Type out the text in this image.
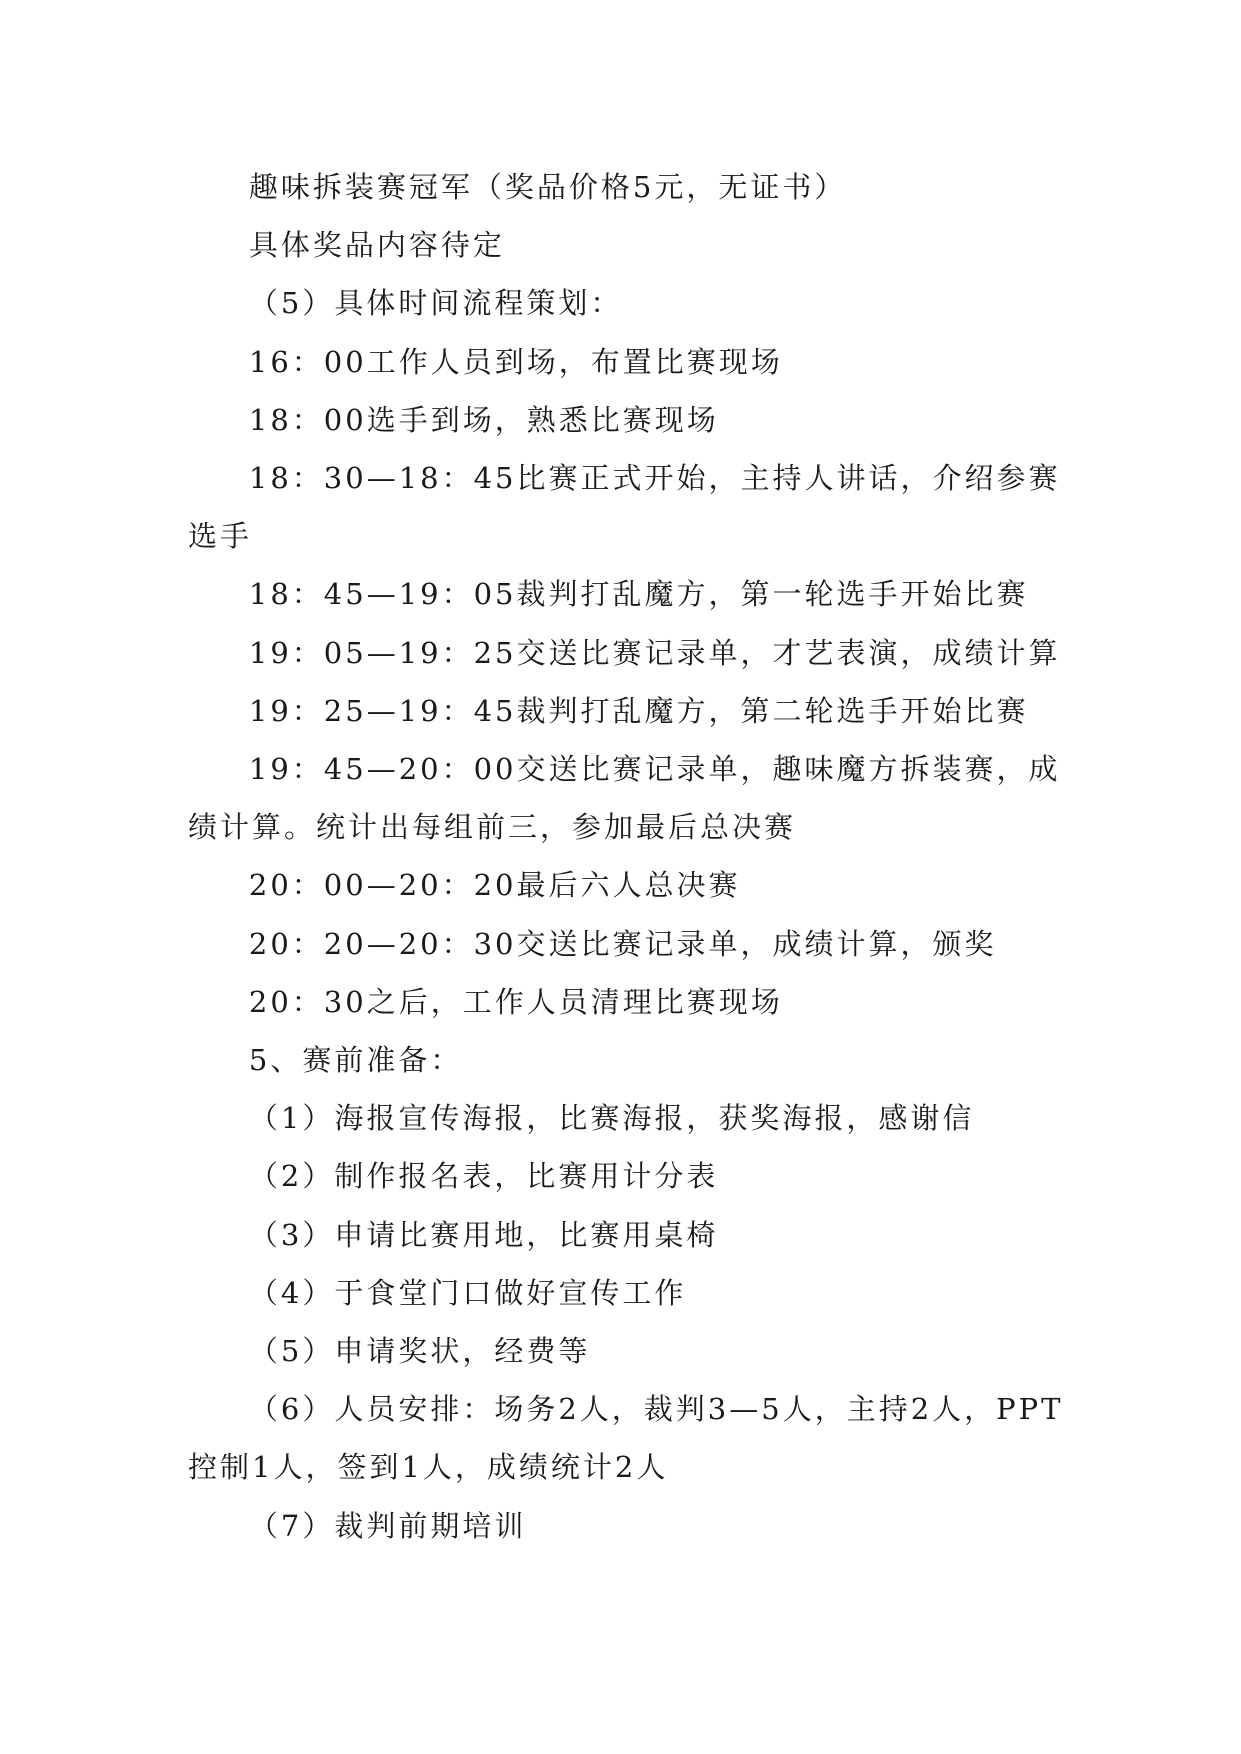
趣味拆装赛冠军（奖品价格5元，无证书）

具体奖品内容待定

（5）具体时间流程策划：

16：00工作人员到场，布置比赛现场

18：00选手到场，熟悉比赛现场

18：30—18：45比赛正式开始，主持人讲话，介绍参赛选手

18：45—19：05裁判打乱魔方，第一轮选手开始比赛

19：05—19：25交送比赛记录单，才艺表演，成绩计算

19：25—19：45裁判打乱魔方，第二轮选手开始比赛

19：45—20：00交送比赛记录单，趣味魔方拆装赛，成绩计算。统计出每组前三，参加最后总决赛

20：00—20：20最后六人总决赛

20：20—20：30交送比赛记录单，成绩计算，颁奖

20：30之后，工作人员清理比赛现场

5、赛前准备：

（1）海报宣传海报，比赛海报，获奖海报，感谢信

（2）制作报名表，比赛用计分表

（3）申请比赛用地，比赛用桌椅

（4）于食堂门口做好宣传工作

（5）申请奖状，经费等

（6）人员安排：场务2人，裁判3—5人，主持2人，PPT控制1人，签到1人，成绩统计2人

（7）裁判前期培训
